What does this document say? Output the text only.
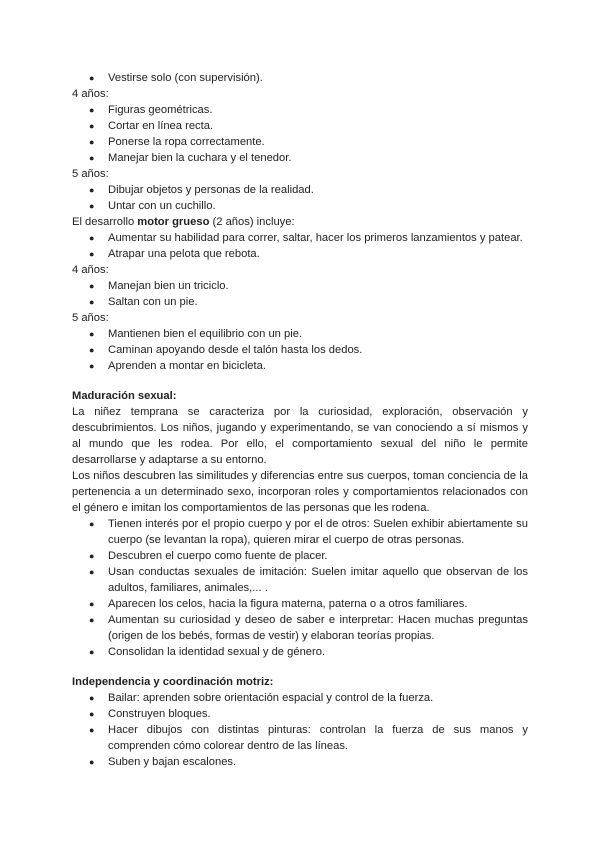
● Vestirse solo (con supervisión).

4 años:

● Figuras geométricas.
● Cortar en línea recta.
● Ponerse la ropa correctamente.
● Manejar bien la cuchara y el tenedor.

5 años:

● Dibujar objetos y personas de la realidad.
● Untar con un cuchillo.

El desarrollo motor grueso (2 años) incluye:

● Aumentar su habilidad para correr, saltar, hacer los primeros lanzamientos y patear.
● Atrapar una pelota que rebota.

4 años:

● Manejan bien un triciclo.
● Saltan con un pie.

5 años:

● Mantienen bien el equilibrio con un pie.
● Caminan apoyando desde el talón hasta los dedos.
● Aprenden a montar en bicicleta.

Maduración sexual:

La niñez temprana se caracteriza por la curiosidad, exploración, observación y descubrimientos. Los niños, jugando y experimentando, se van conociendo a sí mismos y al mundo que les rodea. Por ello, el comportamiento sexual del niño le permite desarrollarse y adaptarse a su entorno.

Los niños descubren las similitudes y diferencias entre sus cuerpos, toman conciencia de la pertenencia a un determinado sexo, incorporan roles y comportamientos relacionados con el género e imitan los comportamientos de las personas que les rodena.

● Tienen interés por el propio cuerpo y por el de otros: Suelen exhibir abiertamente su cuerpo (se levantan la ropa), quieren mirar el cuerpo de otras personas.
● Descubren el cuerpo como fuente de placer.
● Usan conductas sexuales de imitación: Suelen imitar aquello que observan de los adultos, familiares, animales,... .
● Aparecen los celos, hacia la figura materna, paterna o a otros familiares.
● Aumentan su curiosidad y deseo de saber e interpretar: Hacen muchas preguntas (origen de los bebés, formas de vestir) y elaboran teorías propias.
● Consolidan la identidad sexual y de género.

Independencia y coordinación motriz:

● Bailar: aprenden sobre orientación espacial y control de la fuerza.
● Construyen bloques.
● Hacer dibujos con distintas pinturas: controlan la fuerza de sus manos y comprenden cómo colorear dentro de las líneas.
● Suben y bajan escalones.
